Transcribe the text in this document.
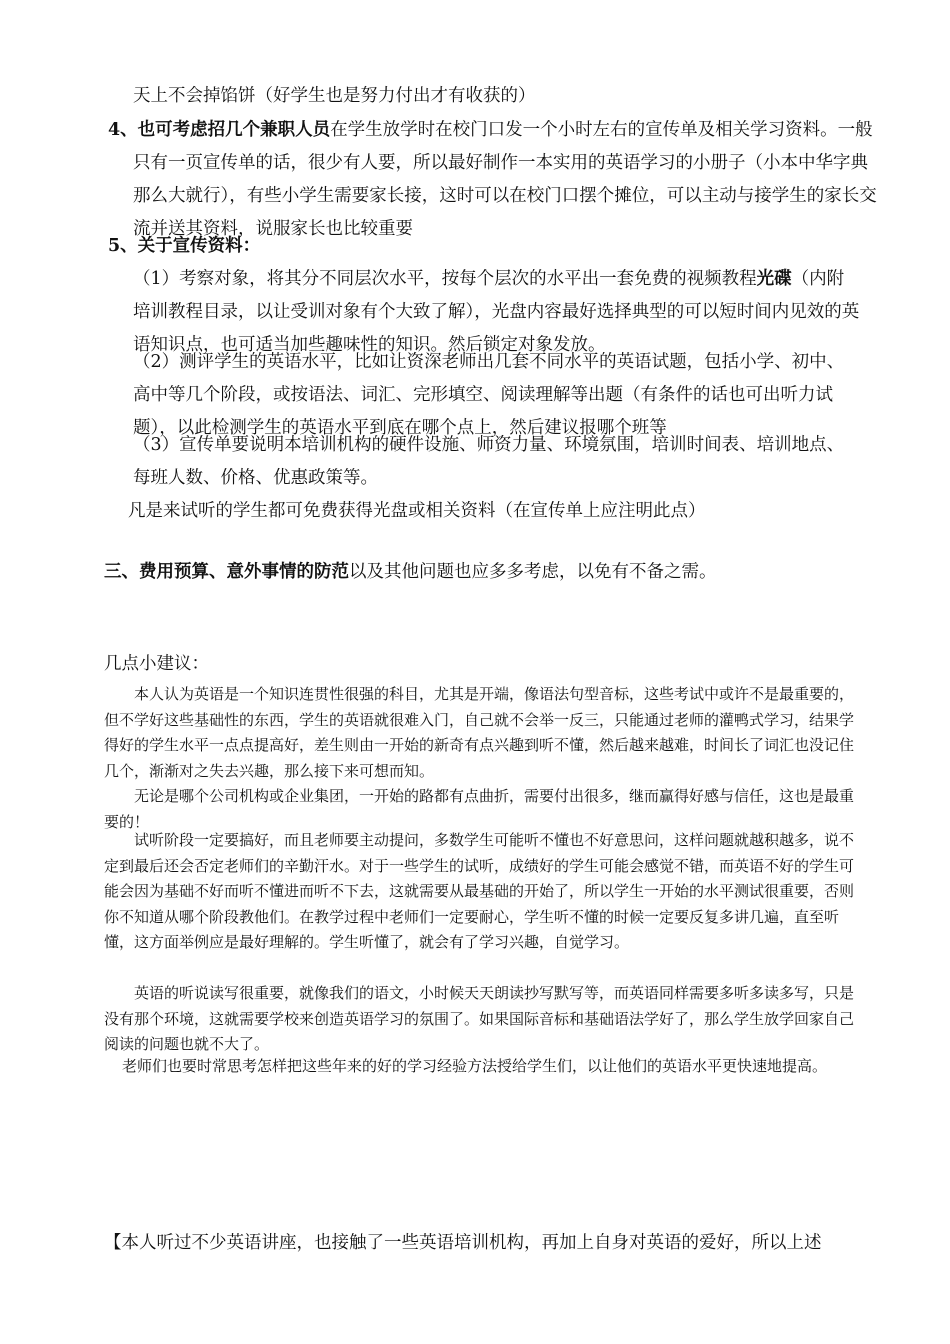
天上不会掉馅饼（好学生也是努力付出才有收获的）

4、也可考虑招几个兼职人员在学生放学时在校门口发一个小时左右的宣传单及相关学习资料。一般只有一页宣传单的话，很少有人要，所以最好制作一本实用的英语学习的小册子（小本中华字典那么大就行），有些小学生需要家长接，这时可以在校门口摆个摊位，可以主动与接学生的家长交流并送其资料，说服家长也比较重要

5、关于宣传资料：

（1）考察对象，将其分不同层次水平，按每个层次的水平出一套免费的视频教程光碟（内附培训教程目录，以让受训对象有个大致了解），光盘内容最好选择典型的可以短时间内见效的英语知识点，也可适当加些趣味性的知识。然后锁定对象发放。

（2）测评学生的英语水平，比如让资深老师出几套不同水平的英语试题，包括小学、初中、高中等几个阶段，或按语法、词汇、完形填空、阅读理解等出题（有条件的话也可出听力试题），以此检测学生的英语水平到底在哪个点上，然后建议报哪个班等

（3）宣传单要说明本培训机构的硬件设施、师资力量、环境氛围，培训时间表、培训地点、每班人数、价格、优惠政策等。

凡是来试听的学生都可免费获得光盘或相关资料（在宣传单上应注明此点）

三、费用预算、意外事情的防范以及其他问题也应多多考虑，以免有不备之需。

几点小建议：

本人认为英语是一个知识连贯性很强的科目，尤其是开端，像语法句型音标，这些考试中或许不是最重要的，但不学好这些基础性的东西，学生的英语就很难入门，自己就不会举一反三，只能通过老师的灌鸭式学习，结果学得好的学生水平一点点提高好，差生则由一开始的新奇有点兴趣到听不懂，然后越来越难，时间长了词汇也没记住几个，渐渐对之失去兴趣，那么接下来可想而知。

无论是哪个公司机构或企业集团，一开始的路都有点曲折，需要付出很多，继而赢得好感与信任，这也是最重要的！

试听阶段一定要搞好，而且老师要主动提问，多数学生可能听不懂也不好意思问，这样问题就越积越多，说不定到最后还会否定老师们的辛勤汗水。对于一些学生的试听，成绩好的学生可能会感觉不错，而英语不好的学生可能会因为基础不好而听不懂进而听不下去，这就需要从最基础的开始了，所以学生一开始的水平测试很重要，否则你不知道从哪个阶段教他们。在教学过程中老师们一定要耐心，学生听不懂的时候一定要反复多讲几遍，直至听懂，这方面举例应是最好理解的。学生听懂了，就会有了学习兴趣，自觉学习。

英语的听说读写很重要，就像我们的语文，小时候天天朗读抄写默写等，而英语同样需要多听多读多写，只是没有那个环境，这就需要学校来创造英语学习的氛围了。如果国际音标和基础语法学好了，那么学生放学回家自己阅读的问题也就不大了。

老师们也要时常思考怎样把这些年来的好的学习经验方法授给学生们，以让他们的英语水平更快速地提高。

【本人听过不少英语讲座，也接触了一些英语培训机构，再加上自身对英语的爱好，所以上述
